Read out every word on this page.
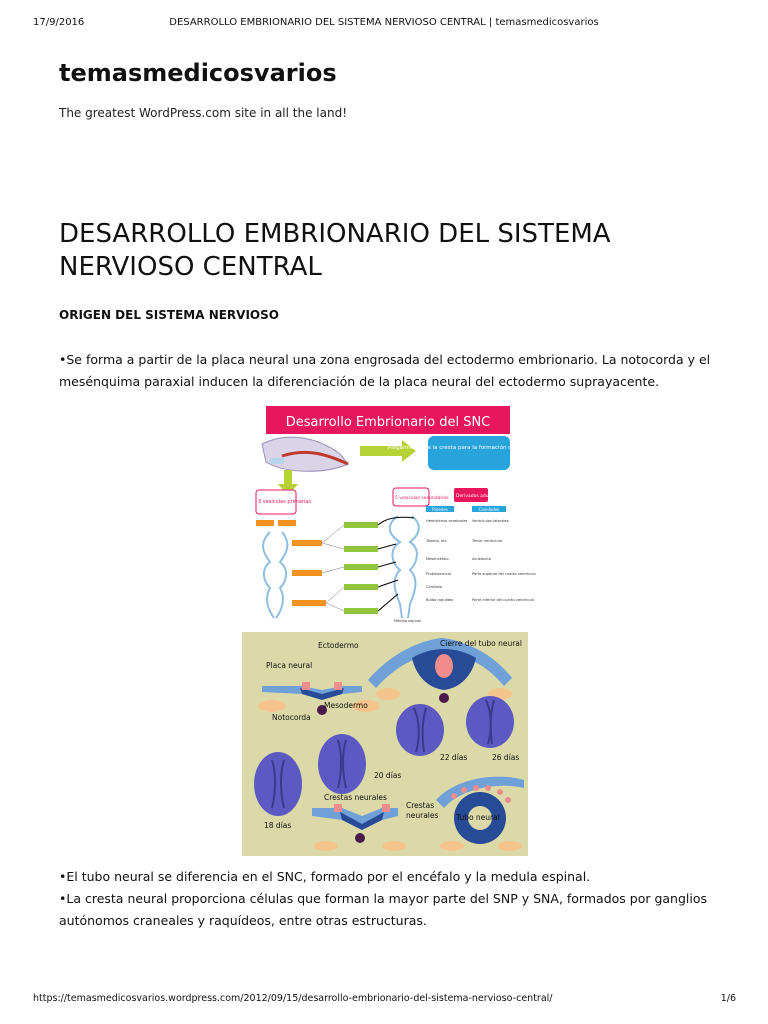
17/9/2016	DESARROLLO EMBRIONARIO DEL SISTEMA NERVIOSO CENTRAL | temasmedicosvarios
temasmedicosvarios
The greatest WordPress.com site in all the land!
DESARROLLO EMBRIONARIO DEL SISTEMA NERVIOSO CENTRAL
ORIGEN DEL SISTEMA NERVIOSO
•Se forma a partir de la placa neural una zona engrosada del ectodermo embrionario. La notocorda y el mesénquima paraxial inducen la diferenciación de la placa neural del ectodermo suprayacente.
Desarrollo Embrionario del SNC
Plegamiento de la cresta para la formación del tubo neural
3 vesículas primarias
5 vesículas secundarias Derivados adultos de
Paredes	Cavidades
Hemisferios cerebrales
Tálamo, etc.
Mesencéfalo
Protuberancia
Cerebelo
Bulbo raquídeo
Ventrículos laterales
Tercer ventrículo
Acueducto
Parte superior del cuarto ventrículo
Parte inferior del cuarto ventrículo
Médula espinal
Ectodermo	Cierre del tubo neural
Placa neural
Mesodermo
Notocorda
22 días	26 días
20 días
Crestas neurales
Crestas
neurales Tubo neural
18 días
•El tubo neural se diferencia en el SNC, formado por el encéfalo y la medula espinal.
•La cresta neural proporciona células que forman la mayor parte del SNP y SNA, formados por ganglios autónomos craneales y raquídeos, entre otras estructuras.
https://temasmedicosvarios.wordpress.com/2012/09/15/desarrollo-embrionario-del-sistema-nervioso-central/	1/6
